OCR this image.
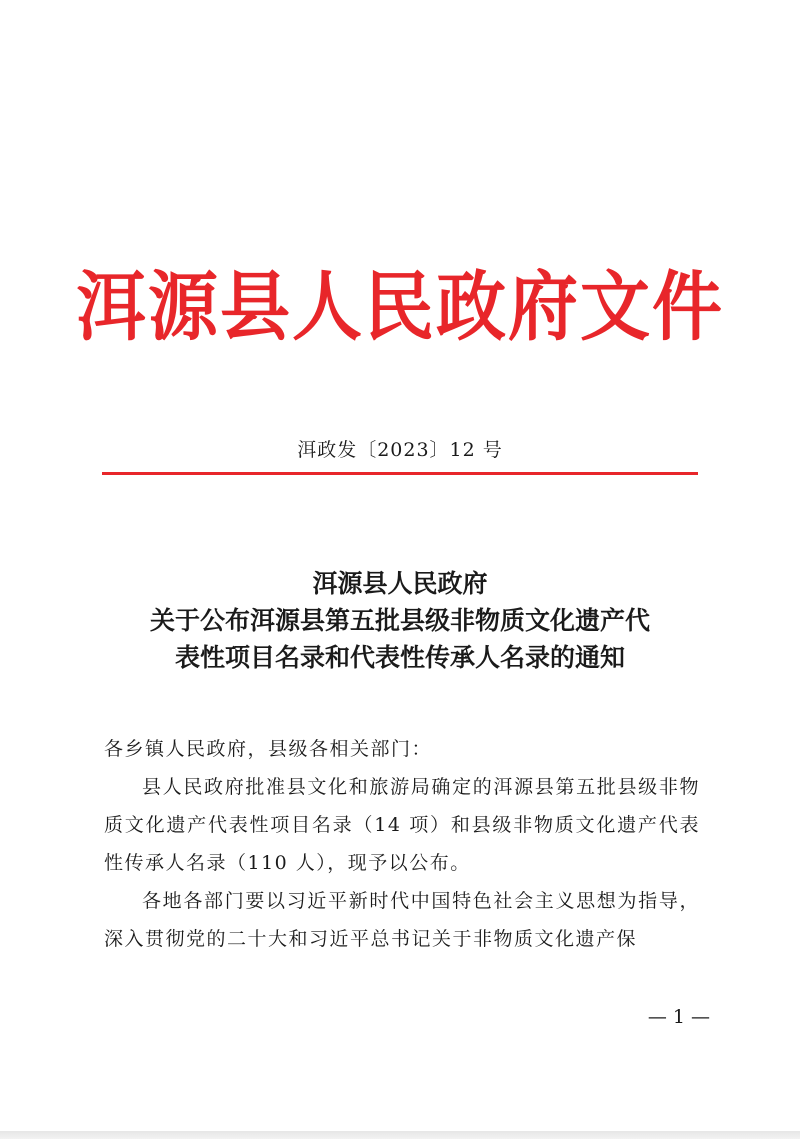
洱源县人民政府文件
洱政发〔2023〕12 号
洱源县人民政府
关于公布洱源县第五批县级非物质文化遗产代
表性项目名录和代表性传承人名录的通知
各乡镇人民政府，县级各相关部门：
县人民政府批准县文化和旅游局确定的洱源县第五批县级非物质文化遗产代表性项目名录（14 项）和县级非物质文化遗产代表性传承人名录（110 人），现予以公布。
各地各部门要以习近平新时代中国特色社会主义思想为指导，深入贯彻党的二十大和习近平总书记关于非物质文化遗产保
— 1 —
